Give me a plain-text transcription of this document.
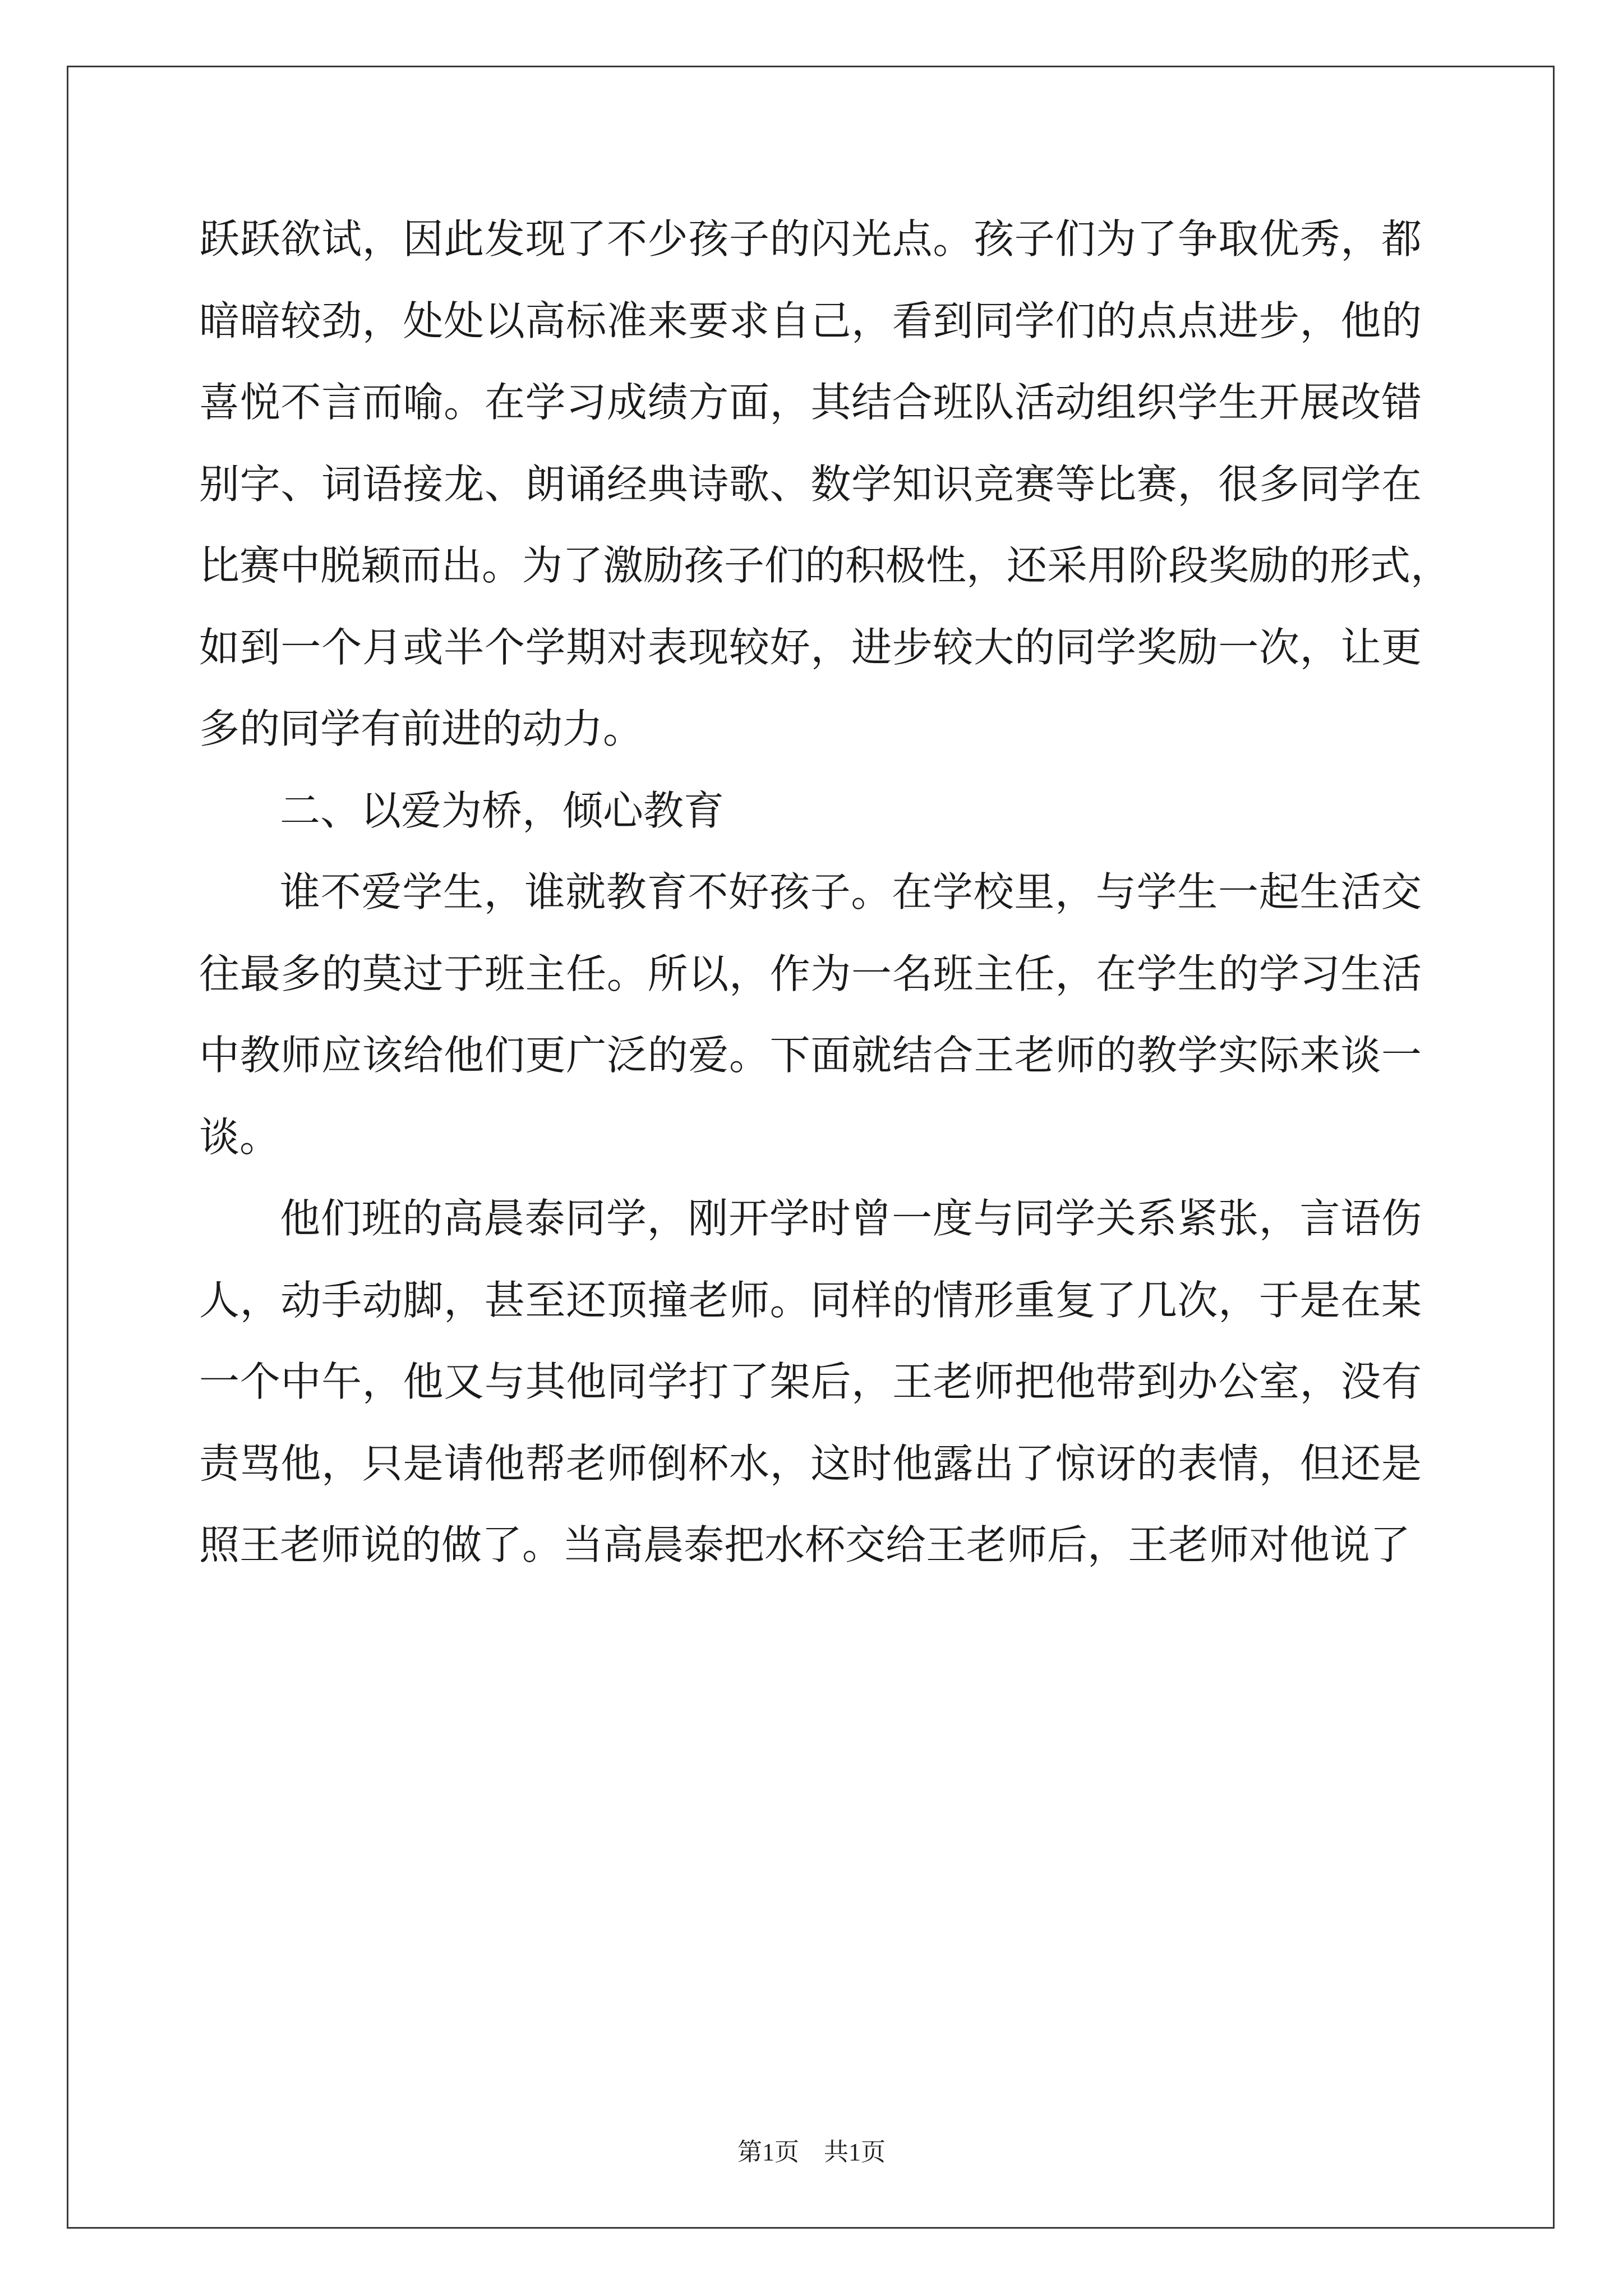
跃跃欲试，因此发现了不少孩子的闪光点。孩子们为了争取优秀，都
暗暗较劲，处处以高标准来要求自己，看到同学们的点点进步，他的
喜悦不言而喻。在学习成绩方面，其结合班队活动组织学生开展改错
别字、词语接龙、朗诵经典诗歌、数学知识竞赛等比赛，很多同学在
比赛中脱颖而出。为了激励孩子们的积极性，还采用阶段奖励的形式，
如到一个月或半个学期对表现较好，进步较大的同学奖励一次，让更
多的同学有前进的动力。
二、以爱为桥，倾心教育
谁不爱学生，谁就教育不好孩子。在学校里，与学生一起生活交
往最多的莫过于班主任。所以，作为一名班主任，在学生的学习生活
中教师应该给他们更广泛的爱。下面就结合王老师的教学实际来谈一
谈。
他们班的高晨泰同学，刚开学时曾一度与同学关系紧张，言语伤
人，动手动脚，甚至还顶撞老师。同样的情形重复了几次，于是在某
一个中午，他又与其他同学打了架后，王老师把他带到办公室，没有
责骂他，只是请他帮老师倒杯水，这时他露出了惊讶的表情，但还是
照王老师说的做了。当高晨泰把水杯交给王老师后，王老师对他说了
第1页    共1页
